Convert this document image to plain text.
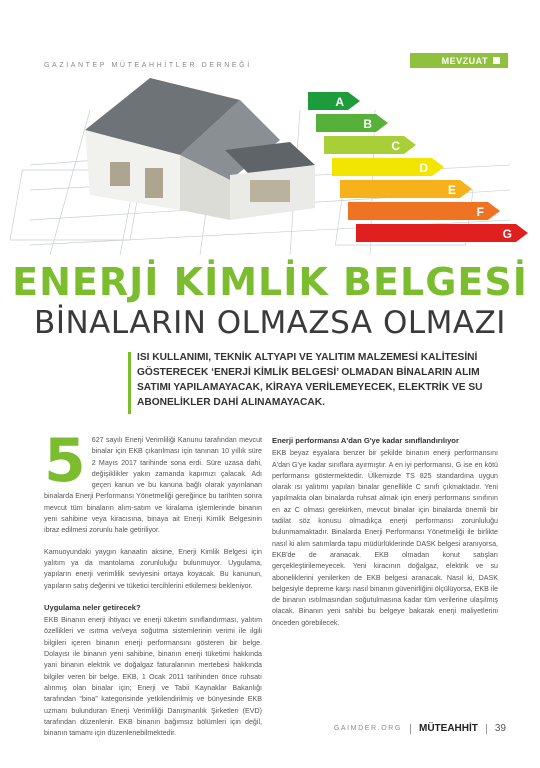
GAZİANTEP MÜTEAHHİTLER DERNEĞİ	MEVZUAT
A
B
C
D
E
F
G
ENERJİ KİMLİK BELGESİ
BİNALARIN OLMAZSA OLMAZI
ISI KULLANIMI, TEKNİK ALTYAPI VE YALITIM MALZEMESİ KALİTESİNİ GÖSTERECEK ‘ENERJİ KİMLİK BELGESİ’ OLMADAN BİNALARIN ALIM SATIMI YAPILAMAYACAK, KİRAYA VERİLEMEYECEK, ELEKTRİK VE SU ABONELİKLER DAHİ ALINAMAYACAK.
5 627 sayılı Enerji Verimliliği Kanunu tarafından mevcut binalar için EKB çıkarılması için tanınan 10 yıllık süre 2 Mayıs 2017 tarihinde sona erdi. Süre uzasa dahi, değişiklikler yakın zamanda kapımızı çalacak. Adı geçen kanun ve bu kanuna bağlı olarak yayınlanan binalarda Enerji Performansı Yönetmeliği gereğince bu tarihten sonra mevcut tüm binaların alım-satım ve kiralama işlemlerinde binanın yeni sahibine veya kiracısına, binaya ait Enerji Kimlik Belgesinin ibraz edilmesi zorunlu hale getiriliyor.

Kamuoyundaki yaygın kanaatin aksine, Enerji Kimlik Belgesi için yalıtım ya da mantolama zorunluluğu bulunmuyor. Uygulama, yapıların enerji verimlilik seviyesini ortaya koyacak. Bu kanunun, yapıların satış değerini ve tüketici tercihlerini etkilemesi bekleniyor.

Uygulama neler getirecek?

EKB Binanın enerji ihtiyacı ve enerji tüketim sınıflandırması, yalıtım özellikleri ve ısıtma ve/veya soğutma sistemlerinin verimi ile ilgili bilgileri içeren binanın enerji performansını gösteren bir belge. Dolayısı ile binanın yeni sahibine, binanın enerji tüketimi hakkında yani binanın elektrik ve doğalgaz faturalarının mertebesi hakkında bilgiler veren bir belge. EKB, 1 Ocak 2011 tarihinden önce ruhsatı alınmış olan binalar için; Enerji ve Tabii Kaynaklar Bakanlığı tarafından “bina” kategorisinde yetkilendirilmiş ve bünyesinde EKB uzmanı bulunduran Enerji Verimliliği Danışmanlık Şirketleri (EVD) tarafından düzenlenir. EKB binanın bağımsız bölümleri için değil, binanın tamamı için düzenlenebilmektedir.

Enerji performansı A'dan G'ye kadar sınıflandırılıyor

EKB beyaz eşyalara benzer bir şekilde binanın enerji performansını A'dan G'ye kadar sınıflara ayırmıştır. A en iyi performansı, G ise en kötü performansı göstermektedir. Ülkemizde TS 825 standardına uygun olarak ısı yalıtımı yapılan binalar genellikle C sınıfı çıkmaktadır. Yeni yapılmakta olan binalarda ruhsat almak için enerji performans sınıfının en az C olması gerekirken, mevcut binalar için binalarda önemli bir tadilat söz konusu olmadıkça enerji performansı zorunluluğu bulunmamaktadır. Binalarda Enerji Performansı Yönetmeliği ile birlikte nasıl ki alım satımlarda tapu müdürlüklerinde DASK belgesi aranıyorsa, EKB'de de aranacak. EKB olmadan konut satışları gerçekleştirilemeyecek. Yeni kiracının doğalgaz, elektrik ve su aboneliklerini yenilerken de EKB belgesi aranacak. Nasıl ki, DASK belgesiyle depreme karşı nasıl binanın güvenirliğini ölçülüyorsa, EKB ile de binanın ısıtılmasından soğutulmasına kadar tüm verilerine ulaşılmış olacak. Binanın yeni sahibi bu belgeye bakarak enerji maliyetlerini önceden görebilecek.

GAIMDER.ORG MÜTEAHHİT 39
